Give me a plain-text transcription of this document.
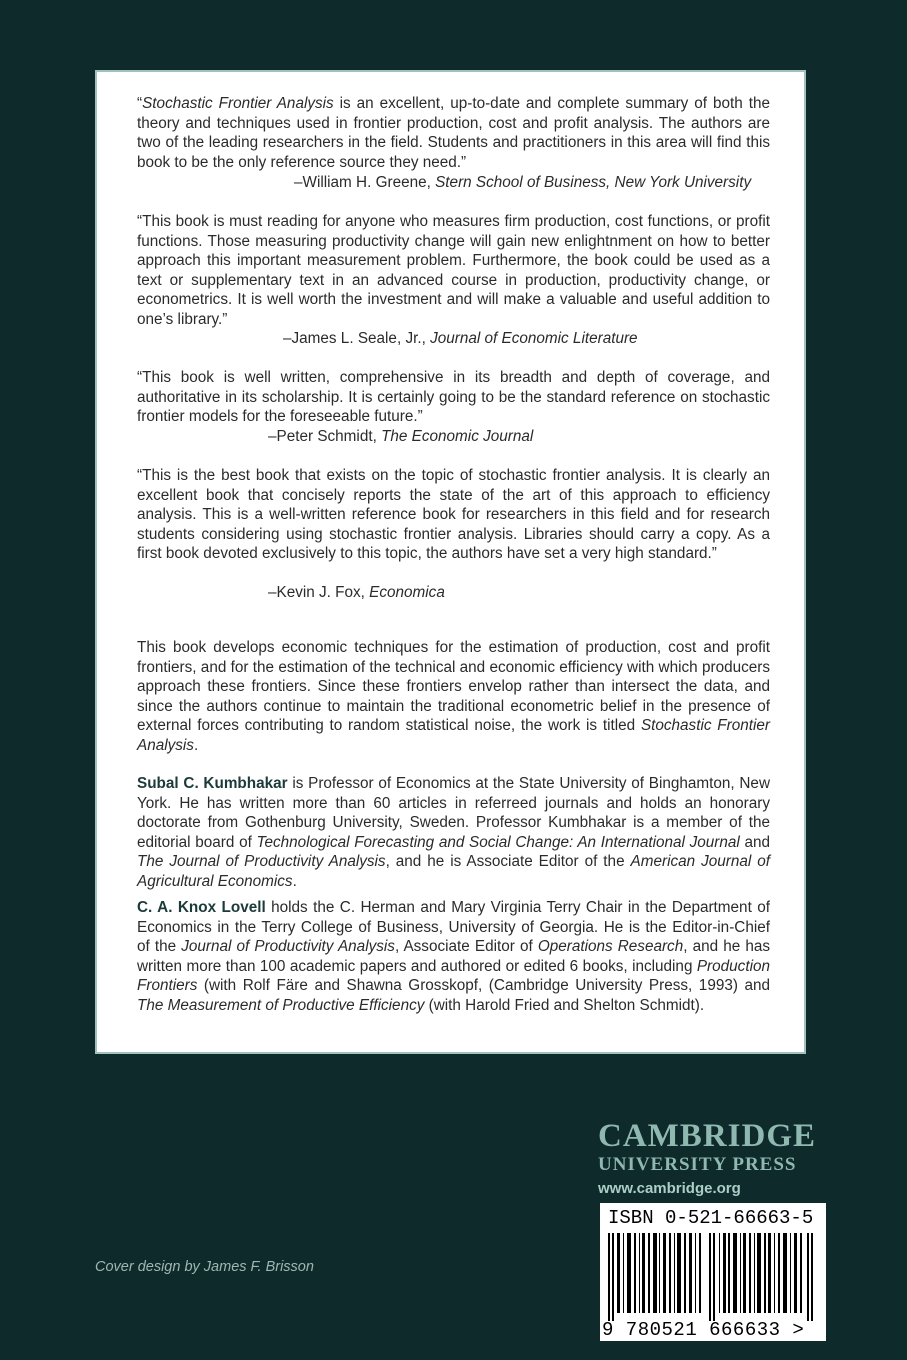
“Stochastic Frontier Analysis is an excellent, up-to-date and complete summary of both the theory and techniques used in frontier production, cost and profit analysis. The authors are two of the leading researchers in the field. Students and practitioners in this area will find this book to be the only reference source they need.”

–William H. Greene, Stern School of Business, New York University

“This book is must reading for anyone who measures firm production, cost functions, or profit functions. Those measuring productivity change will gain new enlightnment on how to better approach this important measurement problem. Furthermore, the book could be used as a text or supplementary text in an advanced course in production, productivity change, or econometrics. It is well worth the investment and will make a valuable and useful addition to one’s library.”

–James L. Seale, Jr., Journal of Economic Literature

“This book is well written, comprehensive in its breadth and depth of coverage, and authoritative in its scholarship. It is certainly going to be the standard reference on stochastic frontier models for the foreseeable future.”

–Peter Schmidt, The Economic Journal

“This is the best book that exists on the topic of stochastic frontier analysis. It is clearly an excellent book that concisely reports the state of the art of this approach to efficiency analysis. This is a well-written reference book for researchers in this field and for research students considering using stochastic frontier analysis. Libraries should carry a copy. As a first book devoted exclusively to this topic, the authors have set a very high standard.”

–Kevin J. Fox, Economica

This book develops economic techniques for the estimation of production, cost and profit frontiers, and for the estimation of the technical and economic efficiency with which producers approach these frontiers. Since these frontiers envelop rather than intersect the data, and since the authors continue to maintain the traditional econometric belief in the presence of external forces contributing to random statistical noise, the work is titled Stochastic Frontier Analysis.

Subal C. Kumbhakar is Professor of Economics at the State University of Binghamton, New York. He has written more than 60 articles in referreed journals and holds an honorary doctorate from Gothenburg University, Sweden. Professor Kumbhakar is a member of the editorial board of Technological Forecasting and Social Change: An International Journal and The Journal of Productivity Analysis, and he is Associate Editor of the American Journal of Agricultural Economics.

C. A. Knox Lovell holds the C. Herman and Mary Virginia Terry Chair in the Department of Economics in the Terry College of Business, University of Georgia. He is the Editor-in-Chief of the Journal of Productivity Analysis, Associate Editor of Operations Research, and he has written more than 100 academic papers and authored or edited 6 books, including Production Frontiers (with Rolf Färe and Shawna Grosskopf, (Cambridge University Press, 1993) and The Measurement of Productive Efficiency (with Harold Fried and Shelton Schmidt).

CAMBRIDGE
UNIVERSITY PRESS
www.cambridge.org
ISBN 0-521-66663-5
9 780521 666633 >
Cover design by James F. Brisson
